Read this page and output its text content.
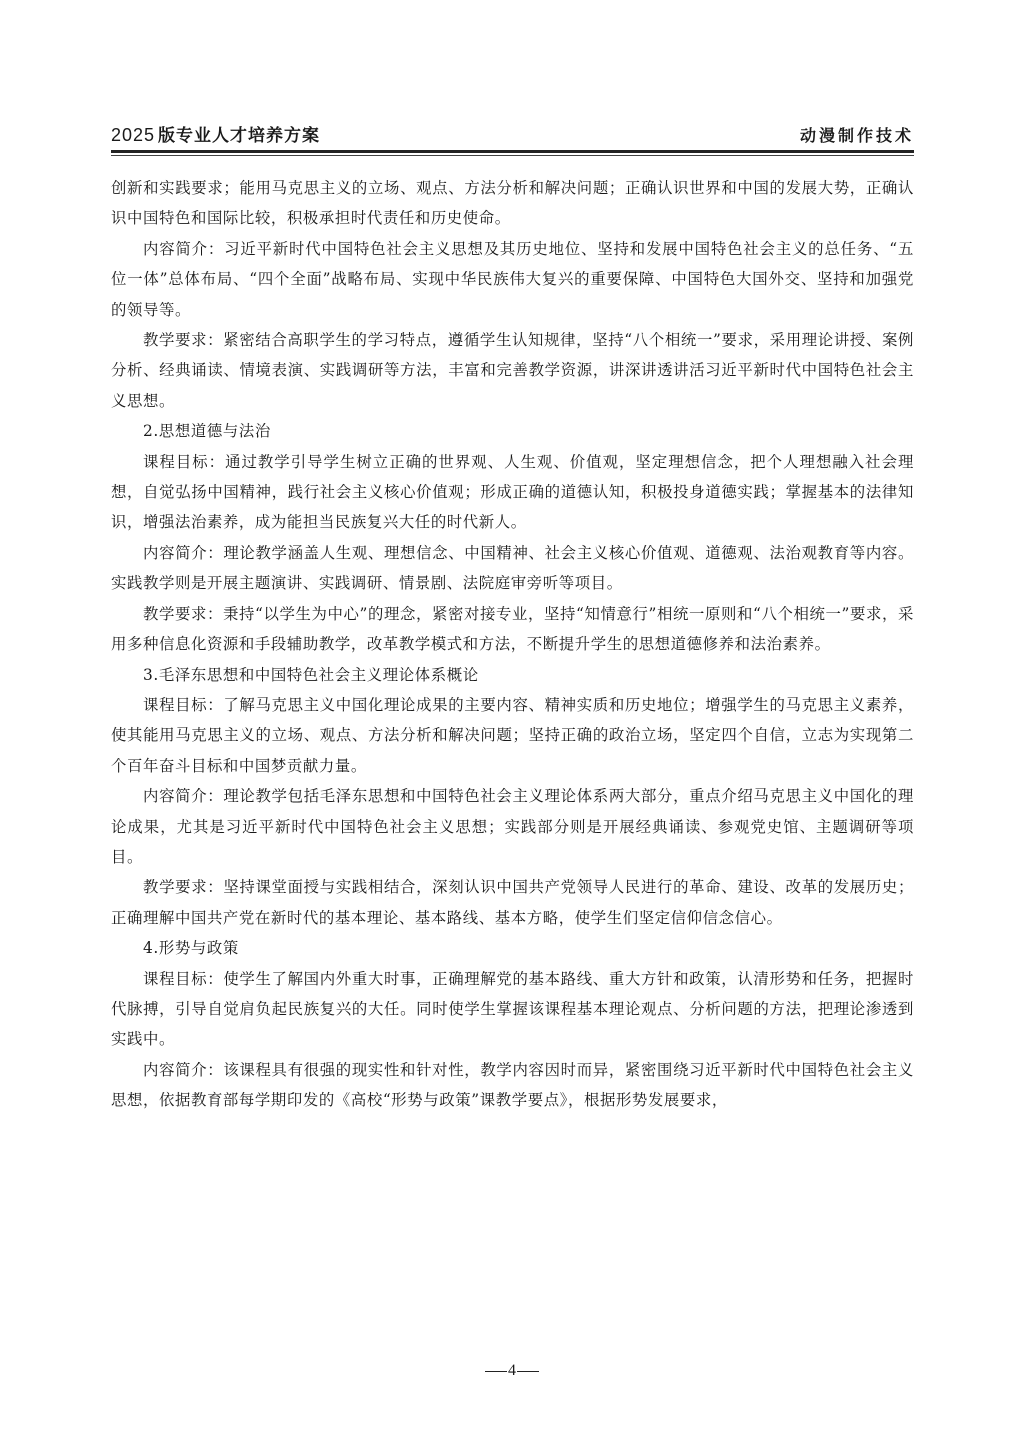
2025 版专业人才培养方案	动漫制作技术

创新和实践要求；能用马克思主义的立场、观点、方法分析和解决问题；正确认识世界和中国的发展大势，正确认识中国特色和国际比较，积极承担时代责任和历史使命。

内容简介：习近平新时代中国特色社会主义思想及其历史地位、坚持和发展中国特色社会主义的总任务、“五位一体”总体布局、“四个全面”战略布局、实现中华民族伟大复兴的重要保障、中国特色大国外交、坚持和加强党的领导等。

教学要求：紧密结合高职学生的学习特点，遵循学生认知规律，坚持“八个相统一”要求，采用理论讲授、案例分析、经典诵读、情境表演、实践调研等方法，丰富和完善教学资源，讲深讲透讲活习近平新时代中国特色社会主义思想。

2.思想道德与法治

课程目标：通过教学引导学生树立正确的世界观、人生观、价值观，坚定理想信念，把个人理想融入社会理想，自觉弘扬中国精神，践行社会主义核心价值观；形成正确的道德认知，积极投身道德实践；掌握基本的法律知识，增强法治素养，成为能担当民族复兴大任的时代新人。

内容简介：理论教学涵盖人生观、理想信念、中国精神、社会主义核心价值观、道德观、法治观教育等内容。实践教学则是开展主题演讲、实践调研、情景剧、法院庭审旁听等项目。

教学要求：秉持“以学生为中心”的理念，紧密对接专业，坚持“知情意行”相统一原则和“八个相统一”要求，采用多种信息化资源和手段辅助教学，改革教学模式和方法，不断提升学生的思想道德修养和法治素养。

3.毛泽东思想和中国特色社会主义理论体系概论

课程目标：了解马克思主义中国化理论成果的主要内容、精神实质和历史地位；增强学生的马克思主义素养，使其能用马克思主义的立场、观点、方法分析和解决问题；坚持正确的政治立场，坚定四个自信，立志为实现第二个百年奋斗目标和中国梦贡献力量。

内容简介：理论教学包括毛泽东思想和中国特色社会主义理论体系两大部分，重点介绍马克思主义中国化的理论成果，尤其是习近平新时代中国特色社会主义思想；实践部分则是开展经典诵读、参观党史馆、主题调研等项目。

教学要求：坚持课堂面授与实践相结合，深刻认识中国共产党领导人民进行的革命、建设、改革的发展历史；正确理解中国共产党在新时代的基本理论、基本路线、基本方略，使学生们坚定信仰信念信心。

4.形势与政策

课程目标：使学生了解国内外重大时事，正确理解党的基本路线、重大方针和政策，认清形势和任务，把握时代脉搏，引导自觉肩负起民族复兴的大任。同时使学生掌握该课程基本理论观点、分析问题的方法，把理论渗透到实践中。

内容简介：该课程具有很强的现实性和针对性，教学内容因时而异，紧密围绕习近平新时代中国特色社会主义思想，依据教育部每学期印发的《高校“形势与政策”课教学要点》，根据形势发展要求，

4
